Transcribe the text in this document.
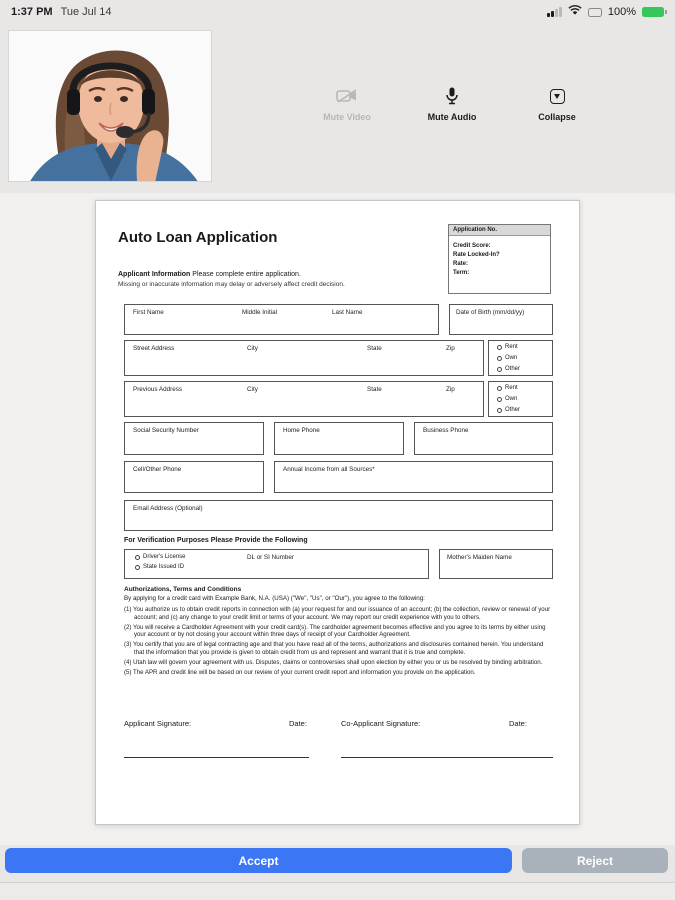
1:37 PM Tue Jul 14	100%
Mute Video	Mute Audio	Collapse
Auto Loan Application	Application No.
Credit Score:
Rate Locked-In?
Rate:
Term:
Applicant Information Please complete entire application.
Missing or inaccurate information may delay or adversely affect credit decision.
First Name	Middle Initial	Last Name	Date of Birth (mm/dd/yy)
Street Address	City	State	Zip	Rent
Own
Other
Previous Address	City	State	Zip	Rent
Own
Other
Social Security Number	Home Phone	Business Phone
Cell/Other Phone	Annual Income from all Sources*
Email Address (Optional)
For Verification Purposes Please Provide the Following
Driver's License
State Issued ID
DL or SI Number	Mother's Maiden Name
Authorizations, Terms and Conditions
By applying for a credit card with Example Bank, N.A. (USA) ("We", "Us", or "Our"), you agree to the following:
(1) You authorize us to obtain credit reports in connection with (a) your request for and our issuance of an account; (b) the collection, review or renewal of your account; and (c) any change to your credit limit or terms of your account. We may report our credit experience with you to others.
(2) You will receive a Cardholder Agreement with your credit card(s). The cardholder agreement becomes effective and you agree to its terms by either using your account or by not closing your account within three days of receipt of your Cardholder Agreement.
(3) You certify that you are of legal contracting age and that you have read all of the terms, authorizations and disclosures contained herein. You understand that the information that you provide is given to obtain credit from us and represent and warrant that it is true and complete.
(4) Utah law will govern your agreement with us. Disputes, claims or controversies shall upon election by either you or us be resolved by binding arbitration.
(5) The APR and credit line will be based on our review of your current credit report and information you provide on the application.
Applicant Signature:	Date:	Co-Applicant Signature:	Date:
Accept	Reject
